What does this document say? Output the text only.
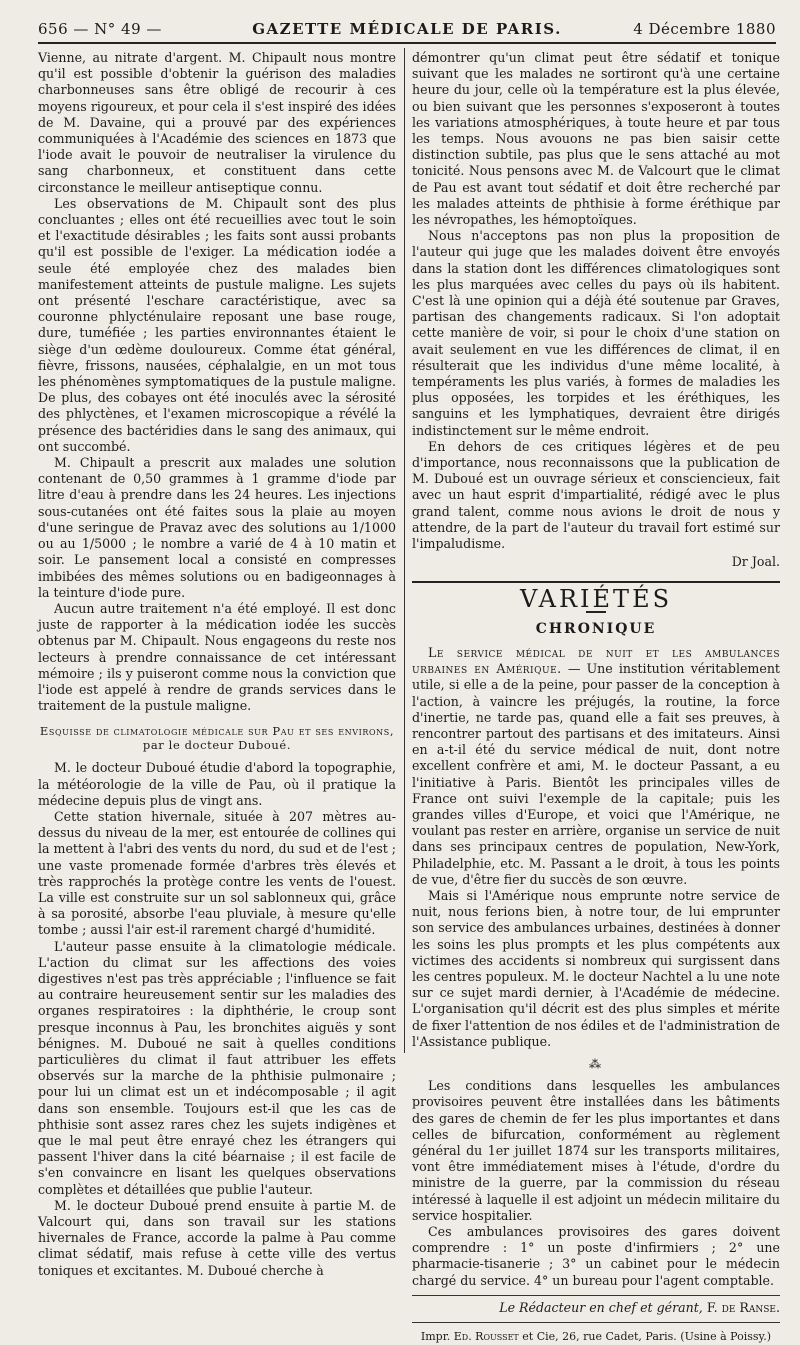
656 — N° 49 —	GAZETTE MÉDICALE DE PARIS.	4 Décembre 1880

Vienne, au nitrate d'argent. M. Chipault nous montre qu'il est possible d'obtenir la guérison des maladies charbonneuses sans être obligé de recourir à ces moyens rigoureux, et pour cela il s'est inspiré des idées de M. Davaine, qui a prouvé par des expériences communiquées à l'Académie des sciences en 1873 que l'iode avait le pouvoir de neutraliser la virulence du sang charbonneux, et constituent dans cette circonstance le meilleur antiseptique connu.

Les observations de M. Chipault sont des plus concluantes ; elles ont été recueillies avec tout le soin et l'exactitude désirables ; les faits sont aussi probants qu'il est possible de l'exiger. La médication iodée a seule été employée chez des malades bien manifestement atteints de pustule maligne. Les sujets ont présenté l'eschare caractéristique, avec sa couronne phlycténulaire reposant une base rouge, dure, tuméfiée ; les parties environnantes étaient le siège d'un œdème douloureux. Comme état général, fièvre, frissons, nausées, céphalalgie, en un mot tous les phénomènes symptomatiques de la pustule maligne. De plus, des cobayes ont été inoculés avec la sérosité des phlyctènes, et l'examen microscopique a révélé la présence des bactéridies dans le sang des animaux, qui ont succombé.

M. Chipault a prescrit aux malades une solution contenant de 0,50 grammes à 1 gramme d'iode par litre d'eau à prendre dans les 24 heures. Les injections sous-cutanées ont été faites sous la plaie au moyen d'une seringue de Pravaz avec des solutions au 1/1000 ou au 1/5000 ; le nombre a varié de 4 à 10 matin et soir. Le pansement local a consisté en compresses imbibées des mêmes solutions ou en badigeonnages à la teinture d'iode pure.

Aucun autre traitement n'a été employé. Il est donc juste de rapporter à la médication iodée les succès obtenus par M. Chipault. Nous engageons du reste nos lecteurs à prendre connaissance de cet intéressant mémoire ; ils y puiseront comme nous la conviction que l'iode est appelé à rendre de grands services dans le traitement de la pustule maligne.

Esquisse de climatologie médicale sur Pau et ses environs,
par le docteur Duboué.

M. le docteur Duboué étudie d'abord la topographie, la météorologie de la ville de Pau, où il pratique la médecine depuis plus de vingt ans.

Cette station hivernale, située à 207 mètres au-dessus du niveau de la mer, est entourée de collines qui la mettent à l'abri des vents du nord, du sud et de l'est ; une vaste promenade formée d'arbres très élevés et très rapprochés la protège contre les vents de l'ouest. La ville est construite sur un sol sablonneux qui, grâce à sa porosité, absorbe l'eau pluviale, à mesure qu'elle tombe ; aussi l'air est-il rarement chargé d'humidité.

L'auteur passe ensuite à la climatologie médicale. L'action du climat sur les affections des voies digestives n'est pas très appréciable ; l'influence se fait au contraire heureusement sentir sur les maladies des organes respiratoires : la diphthérie, le croup sont presque inconnus à Pau, les bronchites aiguës y sont bénignes. M. Duboué ne sait à quelles conditions particulières du climat il faut attribuer les effets observés sur la marche de la phthisie pulmonaire ; pour lui un climat est un et indécomposable ; il agit dans son ensemble. Toujours est-il que les cas de phthisie sont assez rares chez les sujets indigènes et que le mal peut être enrayé chez les étrangers qui passent l'hiver dans la cité béarnaise ; il est facile de s'en convaincre en lisant les quelques observations complètes et détaillées que publie l'auteur.

M. le docteur Duboué prend ensuite à partie M. de Valcourt qui, dans son travail sur les stations hivernales de France, accorde la palme à Pau comme climat sédatif, mais refuse à cette ville des vertus toniques et excitantes. M. Duboué cherche à

démontrer qu'un climat peut être sédatif et tonique suivant que les malades ne sortiront qu'à une certaine heure du jour, celle où la température est la plus élevée, ou bien suivant que les personnes s'exposeront à toutes les variations atmosphériques, à toute heure et par tous les temps. Nous avouons ne pas bien saisir cette distinction subtile, pas plus que le sens attaché au mot tonicité. Nous pensons avec M. de Valcourt que le climat de Pau est avant tout sédatif et doit être recherché par les malades atteints de phthisie à forme éréthique par les névropathes, les hémoptoïques.

Nous n'acceptons pas non plus la proposition de l'auteur qui juge que les malades doivent être envoyés dans la station dont les différences climatologiques sont les plus marquées avec celles du pays où ils habitent. C'est là une opinion qui a déjà été soutenue par Graves, partisan des changements radicaux. Si l'on adoptait cette manière de voir, si pour le choix d'une station on avait seulement en vue les différences de climat, il en résulterait que les individus d'une même localité, à tempéraments les plus variés, à formes de maladies les plus opposées, les torpides et les éréthiques, les sanguins et les lymphatiques, devraient être dirigés indistinctement sur le même endroit.

En dehors de ces critiques légères et de peu d'importance, nous reconnaissons que la publication de M. Duboué est un ouvrage sérieux et consciencieux, fait avec un haut esprit d'impartialité, rédigé avec le plus grand talent, comme nous avions le droit de nous y attendre, de la part de l'auteur du travail fort estimé sur l'impaludisme.

Dr Joal.

VARIÉTÉS
CHRONIQUE

Le service médical de nuit et les ambulances urbaines en Amérique. — Une institution véritablement utile, si elle a de la peine, pour passer de la conception à l'action, à vaincre les préjugés, la routine, la force d'inertie, ne tarde pas, quand elle a fait ses preuves, à rencontrer partout des partisans et des imitateurs. Ainsi en a-t-il été du service médical de nuit, dont notre excellent confrère et ami, M. le docteur Passant, a eu l'initiative à Paris. Bientôt les principales villes de France ont suivi l'exemple de la capitale; puis les grandes villes d'Europe, et voici que l'Amérique, ne voulant pas rester en arrière, organise un service de nuit dans ses principaux centres de population, New-York, Philadelphie, etc. M. Passant a le droit, à tous les points de vue, d'être fier du succès de son œuvre.

Mais si l'Amérique nous emprunte notre service de nuit, nous ferions bien, à notre tour, de lui emprunter son service des ambulances urbaines, destinées à donner les soins les plus prompts et les plus compétents aux victimes des accidents si nombreux qui surgissent dans les centres populeux. M. le docteur Nachtel a lu une note sur ce sujet mardi dernier, à l'Académie de médecine. L'organisation qu'il décrit est des plus simples et mérite de fixer l'attention de nos édiles et de l'administration de l'Assistance publique.

⁂

Les conditions dans lesquelles les ambulances provisoires peuvent être installées dans les bâtiments des gares de chemin de fer les plus importantes et dans celles de bifurcation, conformément au règlement général du 1er juillet 1874 sur les transports militaires, vont être immédiatement mises à l'étude, d'ordre du ministre de la guerre, par la commission du réseau intéressé à laquelle il est adjoint un médecin militaire du service hospitalier.

Ces ambulances provisoires des gares doivent comprendre : 1° un poste d'infirmiers ; 2° une pharmacie-tisanerie ; 3° un cabinet pour le médecin chargé du service. 4° un bureau pour l'agent comptable.

Le Rédacteur en chef et gérant, F. de Ranse.
Impr. Ed. Rousset et Cie, 26, rue Cadet, Paris. (Usine à Poissy.)
